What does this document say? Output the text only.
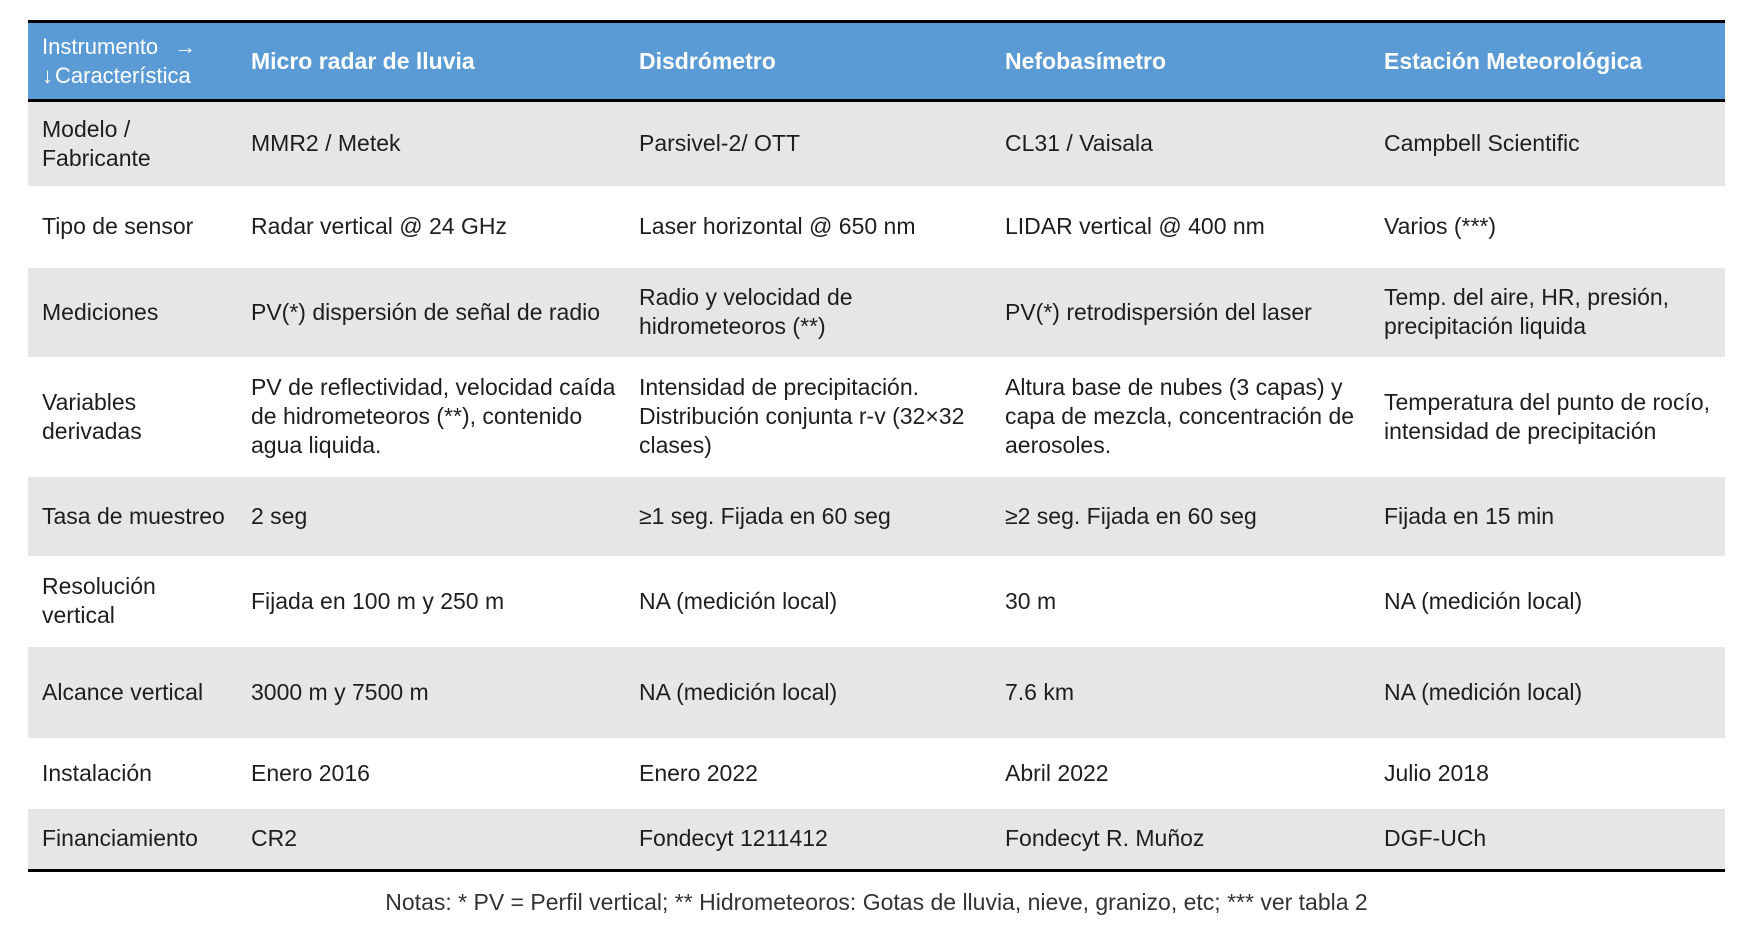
Instrumento →
↓Característica	Micro radar de lluvia	Disdrómetro	Nefobasímetro	Estación Meteorológica
Modelo / Fabricante	MMR2 / Metek	Parsivel-2/ OTT	CL31 / Vaisala	Campbell Scientific
Tipo de sensor	Radar vertical @ 24 GHz	Laser horizontal @ 650 nm	LIDAR vertical @ 400 nm	Varios (***)
Mediciones	PV(*) dispersión de señal de radio	Radio y velocidad de hidrometeoros (**)	PV(*) retrodispersión del laser	Temp. del aire, HR, presión, precipitación liquida
Variables derivadas	PV de reflectividad, velocidad caída de hidrometeoros (**), contenido agua liquida.	Intensidad de precipitación. Distribución conjunta r-v (32×32 clases)	Altura base de nubes (3 capas) y capa de mezcla, concentración de aerosoles.	Temperatura del punto de rocío, intensidad de precipitación
Tasa de muestreo	2 seg	≥1 seg. Fijada en 60 seg	≥2 seg. Fijada en 60 seg	Fijada en 15 min
Resolución vertical	Fijada en 100 m y 250 m	NA (medición local)	30 m	NA (medición local)
Alcance vertical	3000 m y 7500 m	NA (medición local)	7.6 km	NA (medición local)
Instalación	Enero 2016	Enero 2022	Abril 2022	Julio 2018
Financiamiento	CR2	Fondecyt 1211412	Fondecyt R. Muñoz	DGF-UCh
Notas: * PV = Perfil vertical; ** Hidrometeoros: Gotas de lluvia, nieve, granizo, etc; *** ver tabla 2
